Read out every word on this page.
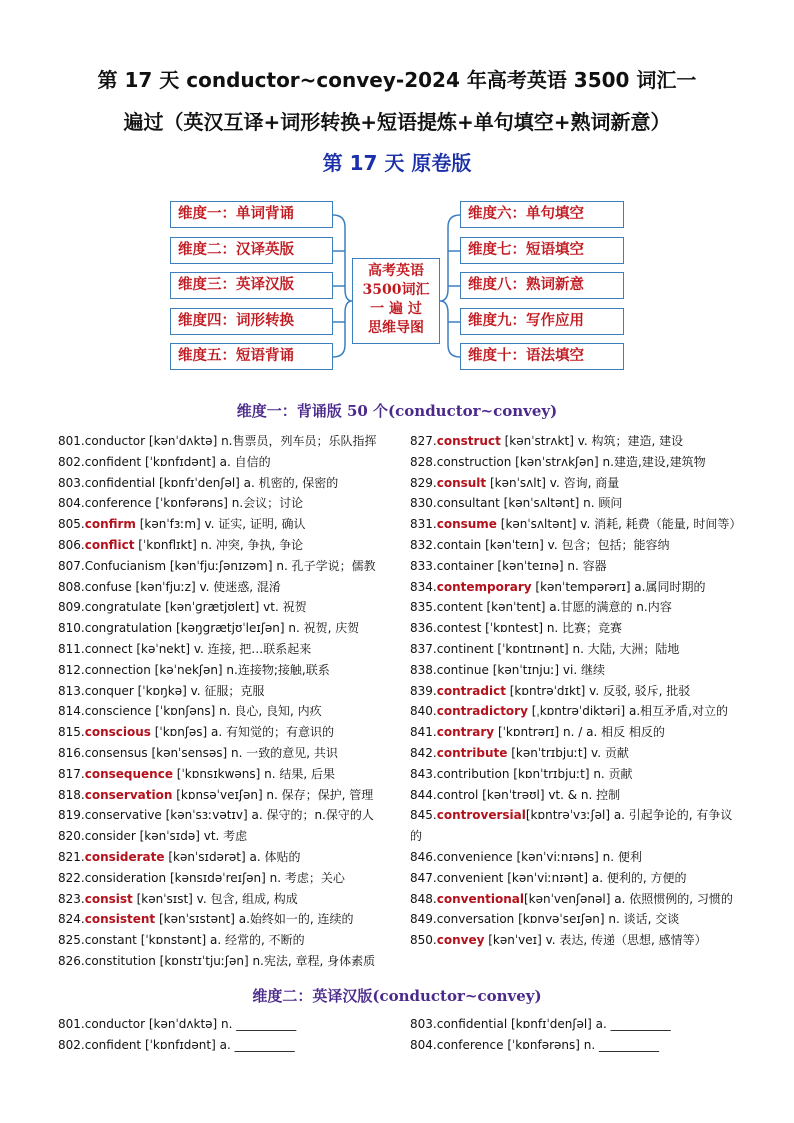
第 17 天 conductor~convey-2024 年高考英语 3500 词汇一
遍过（英汉互译+词形转换+短语提炼+单句填空+熟词新意）
第 17 天 原卷版
维度一：单词背诵
维度二：汉译英版
维度三：英译汉版
维度四：词形转换
维度五：短语背诵
高考英语
3500词汇
一 遍 过
思维导图
维度六：单句填空
维度七：短语填空
维度八：熟词新意
维度九：写作应用
维度十：语法填空
维度一：背诵版 50 个(conductor~convey)
801.conductor [kənˈdʌktə] n.售票员，列车员；乐队指挥
802.confident [ˈkɒnfɪdənt] a. 自信的
803.confidential [kɒnfɪˈdenʃəl] a. 机密的, 保密的
804.conference [ˈkɒnfərəns] n.会议；讨论
805.confirm [kənˈfɜːm] v. 证实, 证明, 确认
806.conflict [ˈkɒnflɪkt] n. 冲突, 争执, 争论
807.Confucianism [kənˈfjuːʃənɪzəm] n. 孔子学说；儒教
808.confuse [kənˈfjuːz] v. 使迷惑, 混淆
809.congratulate [kənˈɡrætjʊleɪt] vt. 祝贺
810.congratulation [kəŋɡrætjʊˈleɪʃən] n. 祝贺, 庆贺
811.connect [kəˈnekt] v. 连接, 把…联系起来
812.connection [kəˈnekʃən] n.连接物;接触,联系
813.conquer [ˈkɒŋkə] v. 征服；克服
814.conscience [ˈkɒnʃəns] n. 良心, 良知, 内疚
815.conscious [ˈkɒnʃəs] a. 有知觉的；有意识的
816.consensus [kənˈsensəs] n. 一致的意见, 共识
817.consequence [ˈkɒnsɪkwəns] n. 结果, 后果
818.conservation [kɒnsəˈveɪʃən] n. 保存；保护, 管理
819.conservative [kənˈsɜːvətɪv] a. 保守的；n.保守的人
820.consider [kənˈsɪdə] vt. 考虑
821.considerate [kənˈsɪdərət] a. 体贴的
822.consideration [kənsɪdəˈreɪʃən] n. 考虑；关心
823.consist [kənˈsɪst] v. 包含, 组成, 构成
824.consistent [kənˈsɪstənt] a.始终如一的, 连续的
825.constant [ˈkɒnstənt] a. 经常的, 不断的
826.constitution [kɒnstɪˈtjuːʃən] n.宪法, 章程, 身体素质
827.construct [kənˈstrʌkt] v. 构筑；建造, 建设
828.construction [kənˈstrʌkʃən] n.建造,建设,建筑物
829.consult [kənˈsʌlt] v. 咨询, 商量
830.consultant [kənˈsʌltənt] n. 顾问
831.consume [kənˈsʌltənt] v. 消耗, 耗费（能量, 时间等）
832.contain [kənˈteɪn] v. 包含；包括；能容纳
833.container [kənˈteɪnə] n. 容器
834.contemporary [kənˈtempərərɪ] a.属同时期的
835.content [kənˈtent] a.甘愿的满意的 n.内容
836.contest [ˈkɒntest] n. 比赛；竞赛
837.continent [ˈkɒntɪnənt] n. 大陆, 大洲；陆地
838.continue [kənˈtɪnjuː] vi. 继续
839.contradict [kɒntrəˈdɪkt] v. 反驳, 驳斥, 批驳
840.contradictory [ˌkɒntrəˈdiktəri] a.相互矛盾,对立的
841.contrary [ˈkɒntrərɪ] n. / a. 相反 相反的
842.contribute [kənˈtrɪbjuːt] v. 贡献
843.contribution [kɒnˈtrɪbjuːt] n. 贡献
844.control [kənˈtrəʊl] vt. & n. 控制
845.controversial[kɒntrəˈvɜːʃəl] a. 引起争论的, 有争议的
846.convenience [kənˈviːnɪəns] n. 便利
847.convenient [kənˈviːnɪənt] a. 便利的, 方便的
848.conventional[kənˈvenʃənəl] a. 依照惯例的, 习惯的
849.conversation [kɒnvəˈseɪʃən] n. 谈话, 交谈
850.convey [kənˈveɪ] v. 表达, 传递（思想, 感情等）
维度二：英译汉版(conductor~convey)
801.conductor [kənˈdʌktə] n. __________
802.confident [ˈkɒnfɪdənt] a. __________
803.confidential [kɒnfɪˈdenʃəl] a. __________
804.conference [ˈkɒnfərəns] n. __________
